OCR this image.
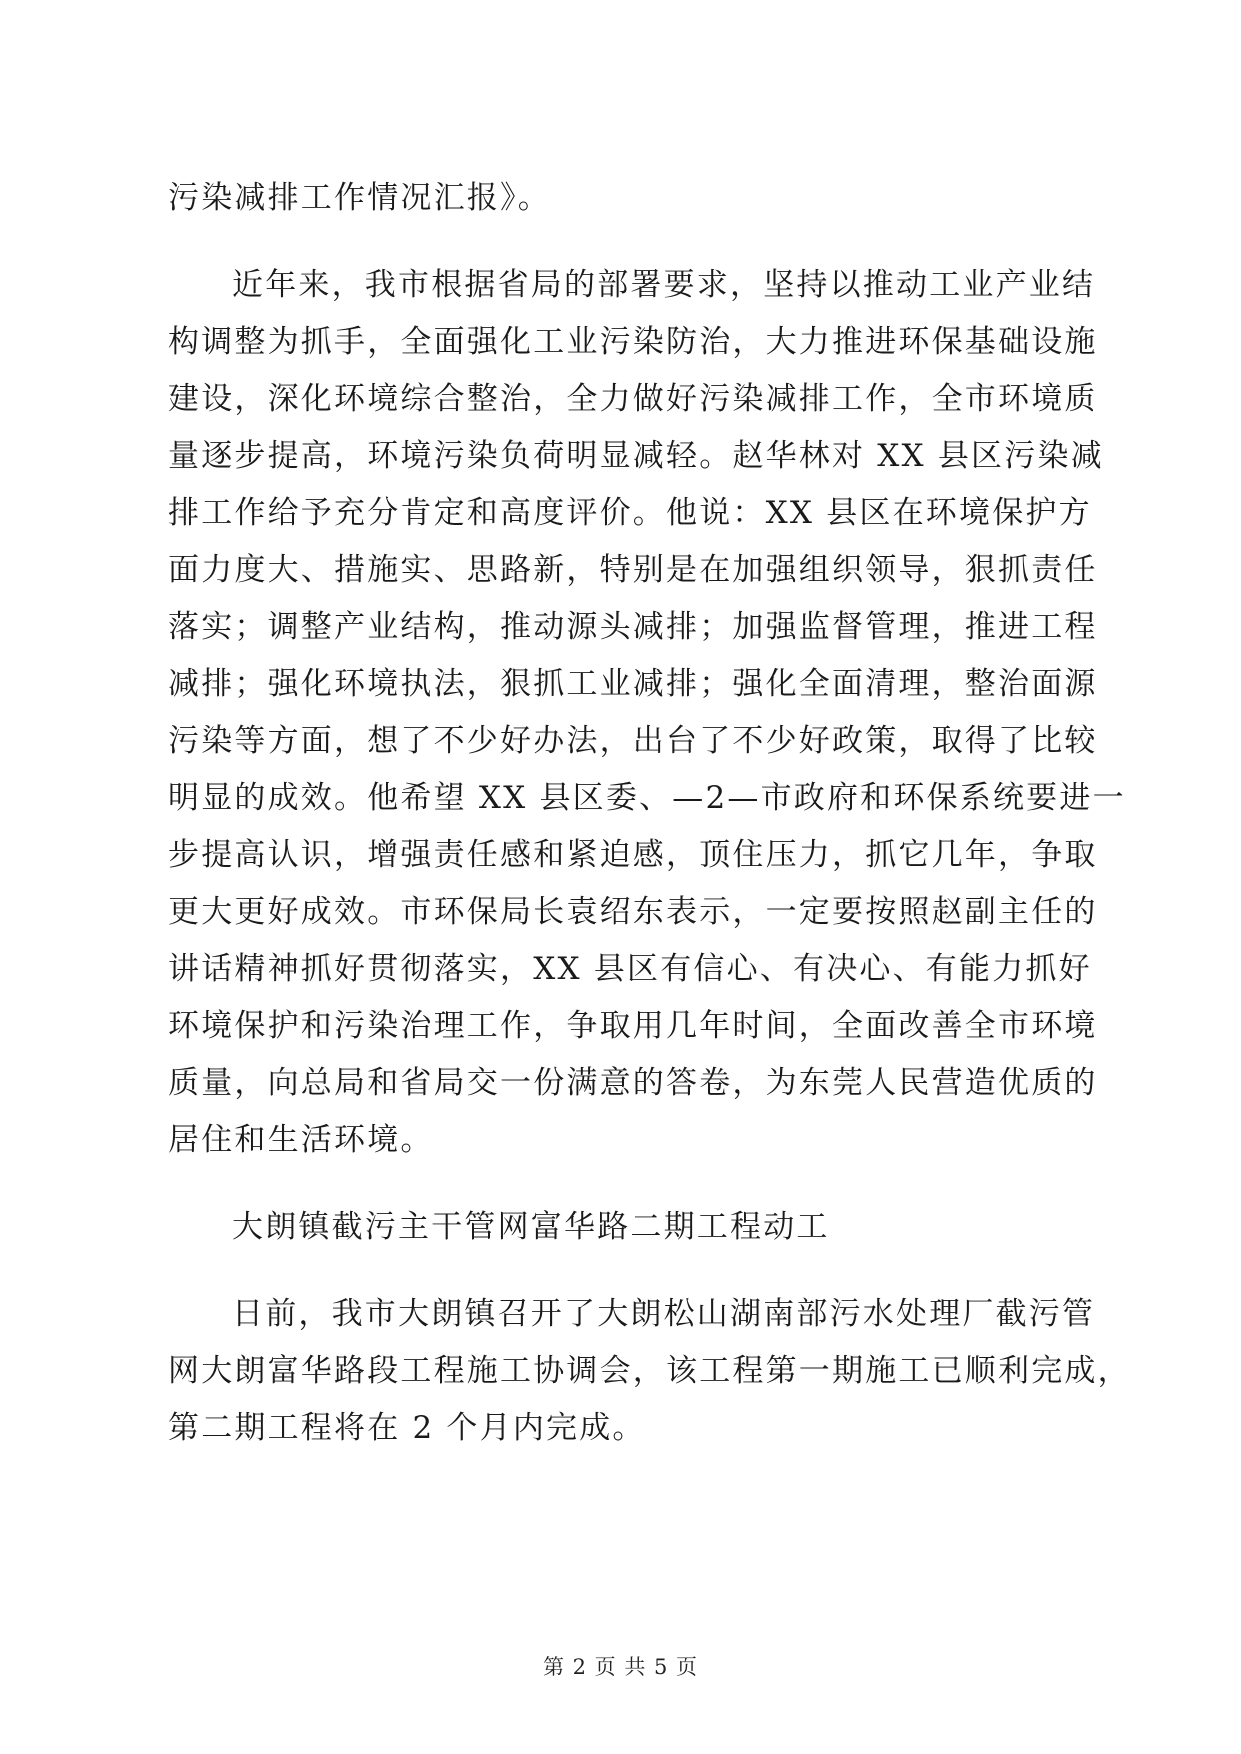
污染减排工作情况汇报》。
近年来，我市根据省局的部署要求，坚持以推动工业产业结
构调整为抓手，全面强化工业污染防治，大力推进环保基础设施
建设，深化环境综合整治，全力做好污染减排工作，全市环境质
量逐步提高，环境污染负荷明显减轻。赵华林对 XX 县区污染减
排工作给予充分肯定和高度评价。他说：XX 县区在环境保护方
面力度大、措施实、思路新，特别是在加强组织领导，狠抓责任
落实；调整产业结构，推动源头减排；加强监督管理，推进工程
减排；强化环境执法，狠抓工业减排；强化全面清理，整治面源
污染等方面，想了不少好办法，出台了不少好政策，取得了比较
明显的成效。他希望 XX 县区委、—2—市政府和环保系统要进一
步提高认识，增强责任感和紧迫感，顶住压力，抓它几年，争取
更大更好成效。市环保局长袁绍东表示，一定要按照赵副主任的
讲话精神抓好贯彻落实，XX 县区有信心、有决心、有能力抓好
环境保护和污染治理工作，争取用几年时间，全面改善全市环境
质量，向总局和省局交一份满意的答卷，为东莞人民营造优质的
居住和生活环境。
大朗镇截污主干管网富华路二期工程动工
日前，我市大朗镇召开了大朗松山湖南部污水处理厂截污管
网大朗富华路段工程施工协调会，该工程第一期施工已顺利完成，
第二期工程将在 2 个月内完成。
第 2 页 共 5 页
